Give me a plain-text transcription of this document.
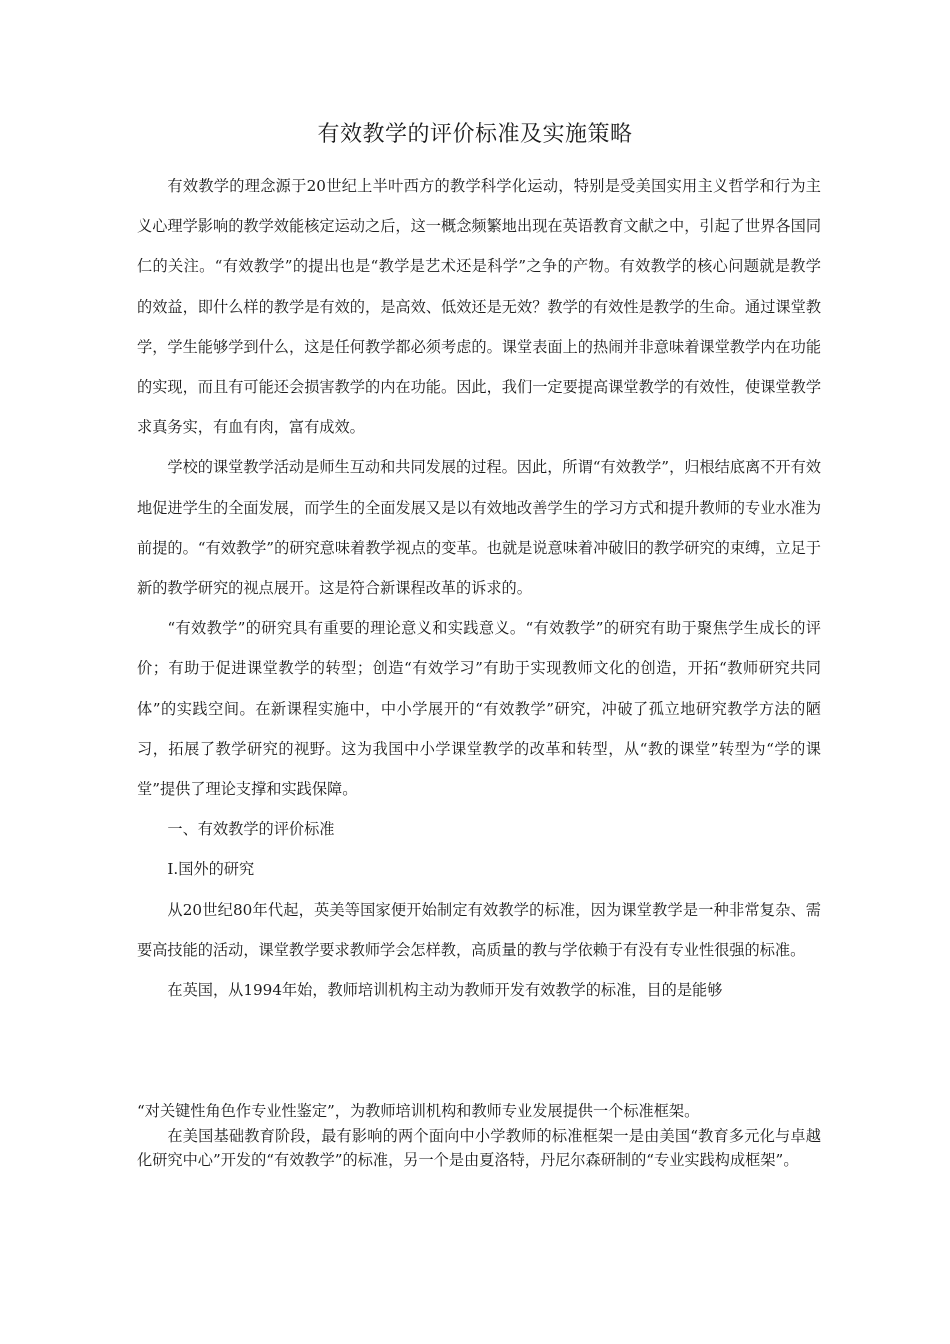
有效教学的评价标准及实施策略

有效教学的理念源于20世纪上半叶西方的教学科学化运动，特别是受美国实用主义哲学和行为主义心理学影响的教学效能核定运动之后，这一概念频繁地出现在英语教育文献之中，引起了世界各国同仁的关注。“有效教学”的提出也是“教学是艺术还是科学”之争的产物。有效教学的核心问题就是教学的效益，即什么样的教学是有效的，是高效、低效还是无效？教学的有效性是教学的生命。通过课堂教学，学生能够学到什么，这是任何教学都必须考虑的。课堂表面上的热闹并非意味着课堂教学内在功能的实现，而且有可能还会损害教学的内在功能。因此，我们一定要提高课堂教学的有效性，使课堂教学求真务实，有血有肉，富有成效。

学校的课堂教学活动是师生互动和共同发展的过程。因此，所谓“有效教学”，归根结底离不开有效地促进学生的全面发展，而学生的全面发展又是以有效地改善学生的学习方式和提升教师的专业水准为前提的。“有效教学”的研究意味着教学视点的变革。也就是说意味着冲破旧的教学研究的束缚，立足于新的教学研究的视点展开。这是符合新课程改革的诉求的。

“有效教学”的研究具有重要的理论意义和实践意义。“有效教学”的研究有助于聚焦学生成长的评价；有助于促进课堂教学的转型；创造“有效学习”有助于实现教师文化的创造，开拓“教师研究共同体”的实践空间。在新课程实施中，中小学展开的“有效教学”研究，冲破了孤立地研究教学方法的陋习，拓展了教学研究的视野。这为我国中小学课堂教学的改革和转型，从“教的课堂”转型为“学的课堂”提供了理论支撑和实践保障。

一、有效教学的评价标准

I.国外的研究

从20世纪80年代起，英美等国家便开始制定有效教学的标准，因为课堂教学是一种非常复杂、需要高技能的活动，课堂教学要求教师学会怎样教，高质量的教与学依赖于有没有专业性很强的标准。

在英国，从1994年始，教师培训机构主动为教师开发有效教学的标准，目的是能够

“对关键性角色作专业性鉴定”，为教师培训机构和教师专业发展提供一个标准框架。

在美国基础教育阶段，最有影响的两个面向中小学教师的标准框架一是由美国“教育多元化与卓越化研究中心”开发的“有效教学”的标准，另一个是由夏洛特，丹尼尔森研制的“专业实践构成框架”。
